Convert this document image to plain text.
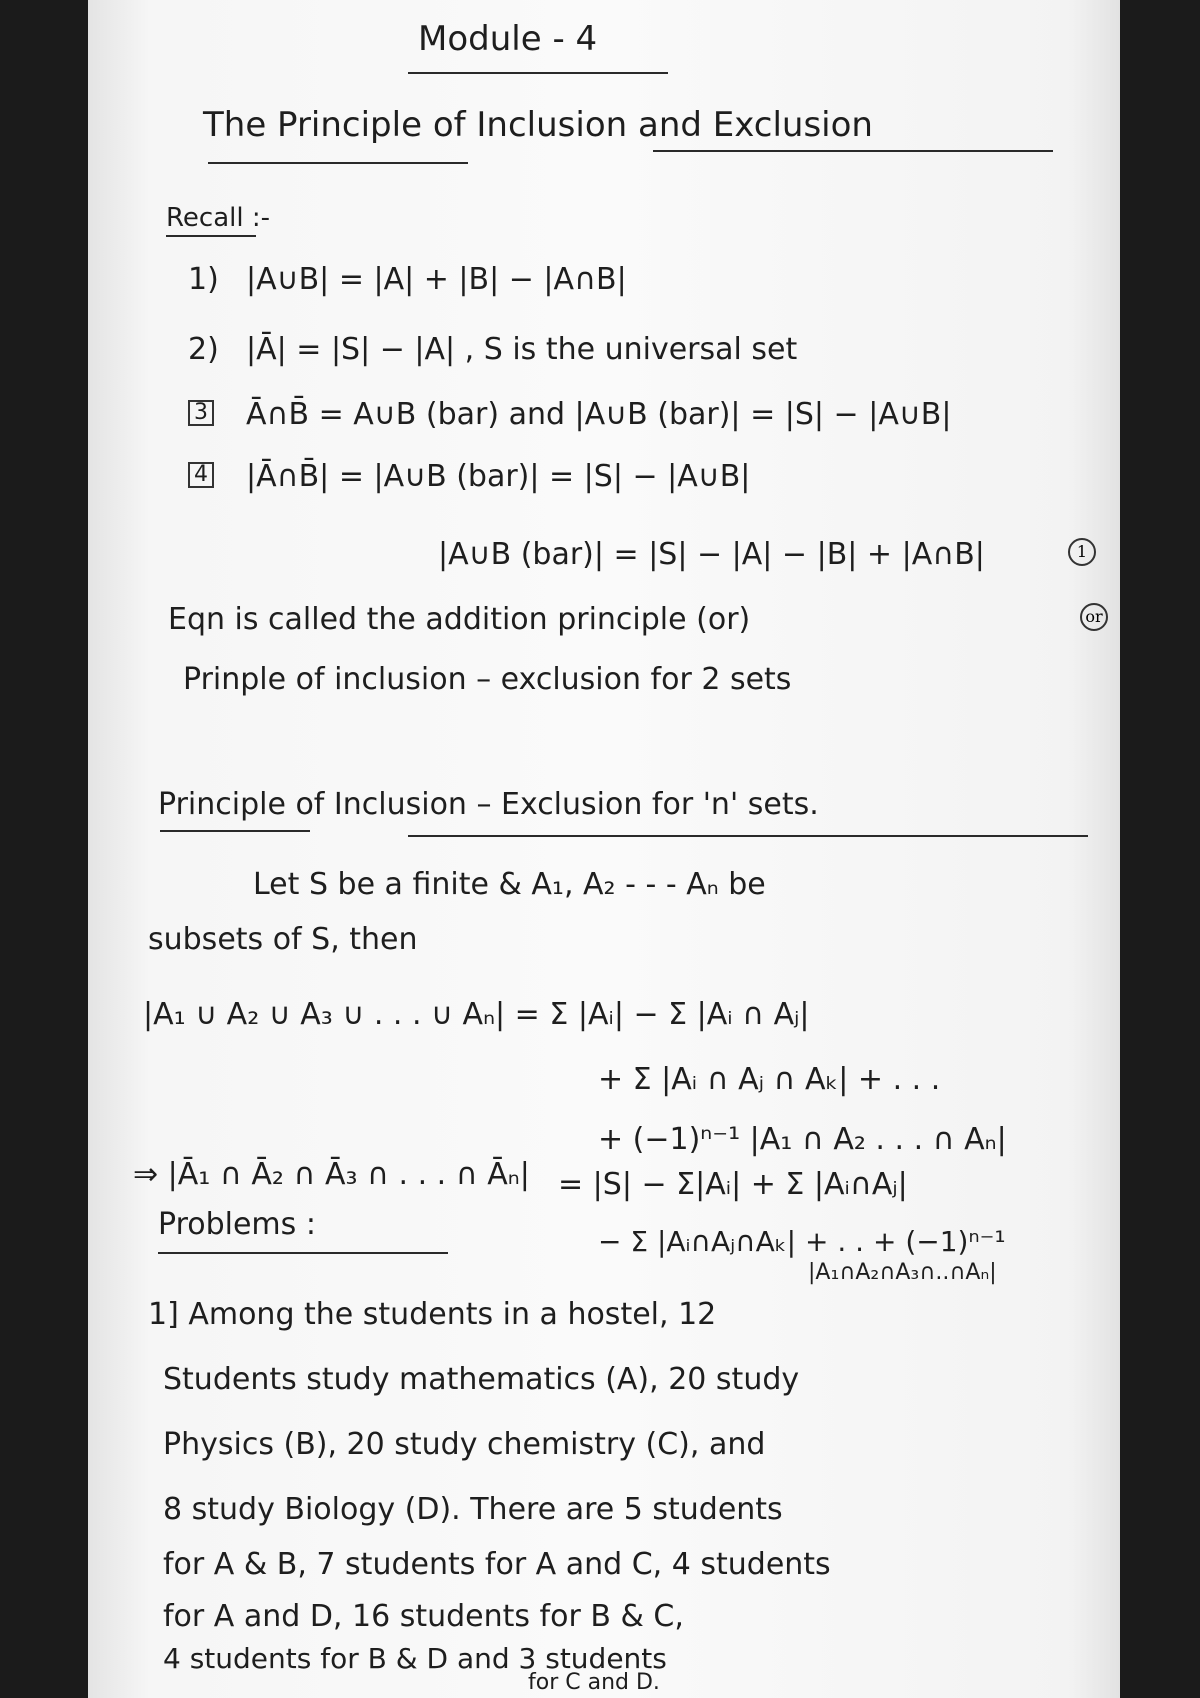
Module - 4
The Principle of Inclusion and Exclusion
Recall :-
1) |A∪B| = |A| + |B| − |A∩B|
2) |Ā| = |S| − |A| , S is the universal set
3 Ā∩B̄ = A∪B (bar) and |A∪B (bar)| = |S| − |A∪B|
4 |Ā∩B̄| = |A∪B (bar)| = |S| − |A∪B|
|A∪B (bar)| = |S| − |A| − |B| + |A∩B|	1
Eqn is called the addition principle (or)	or
Prinple of inclusion – exclusion for 2 sets
Principle of Inclusion – Exclusion for 'n' sets.
Let S be a finite & A₁, A₂ - - - Aₙ be
subsets of S, then
|A₁ ∪ A₂ ∪ A₃ ∪ . . . ∪ Aₙ| = Σ |Aᵢ| − Σ |Aᵢ ∩ Aⱼ|
+ Σ |Aᵢ ∩ Aⱼ ∩ Aₖ| + . . .
+ (−1)ⁿ⁻¹ |A₁ ∩ A₂ . . . ∩ Aₙ|
⇒ |Ā₁ ∩ Ā₂ ∩ Ā₃ ∩ . . . ∩ Āₙ| = |S| − Σ|Aᵢ| + Σ |Aᵢ∩Aⱼ|
− Σ |Aᵢ∩Aⱼ∩Aₖ| + . . + (−1)ⁿ⁻¹
|A₁∩A₂∩A₃∩..∩Aₙ|
Problems :
1] Among the students in a hostel, 12
Students study mathematics (A), 20 study
Physics (B), 20 study chemistry (C), and
8 study Biology (D). There are 5 students
for A & B, 7 students for A and C, 4 students
for A and D, 16 students for B & C,
4 students for B & D and 3 students
for C and D.
